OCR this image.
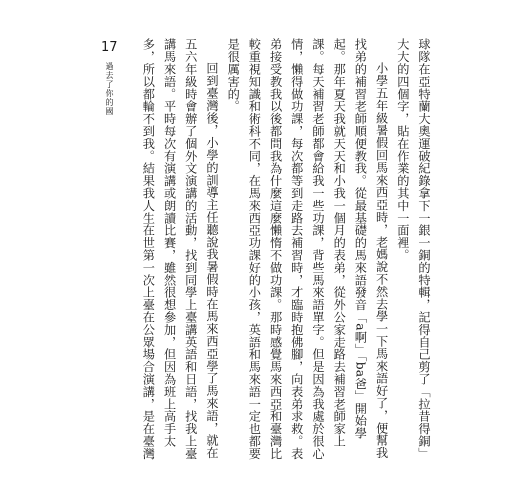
17
過去了你的國	球隊在亞特蘭大奧運破紀錄拿下一銀一銅的特輯，記得自己剪了「拉昔得銅」大大的四個字，貼在作業的其中一面裡。

小學五年級暑假回馬來西亞時，老媽說不然去學一下馬來語好了，便幫我找弟的補習老師順便教我。從最基礎的馬來語發音「a啊」「ba爸」開始學起。那年夏天我就天天和小我一個月的表弟，從外公家走路去補習老師家上課。每天補習老師都會給我一些功課，背些馬來語單字。但是因為我處於很心情，懶得做功課，每次都等到走路去補習時，才臨時抱佛腳，向表弟求救。表弟接受教我以後都問我為什麼這麼懶惰不做功課。那時感覺馬來西亞和臺灣比較重視知識和術科不同，在馬來西亞功課好的小孩，英語和馬來語一定也都要是很厲害的。

回到臺灣後，小學的訓導主任聽說我暑假時在馬來西亞學了馬來語，就在五六年級時會辦了個外文演講的活動，找到同學上臺講英語和日語，找我上臺講馬來語。平時每次有演講或朗讀比賽，雖然很想參加，但因為班上高手太多，所以都輪不到我。結果我人生在世第一次上臺在公眾場合演講，是在臺灣
